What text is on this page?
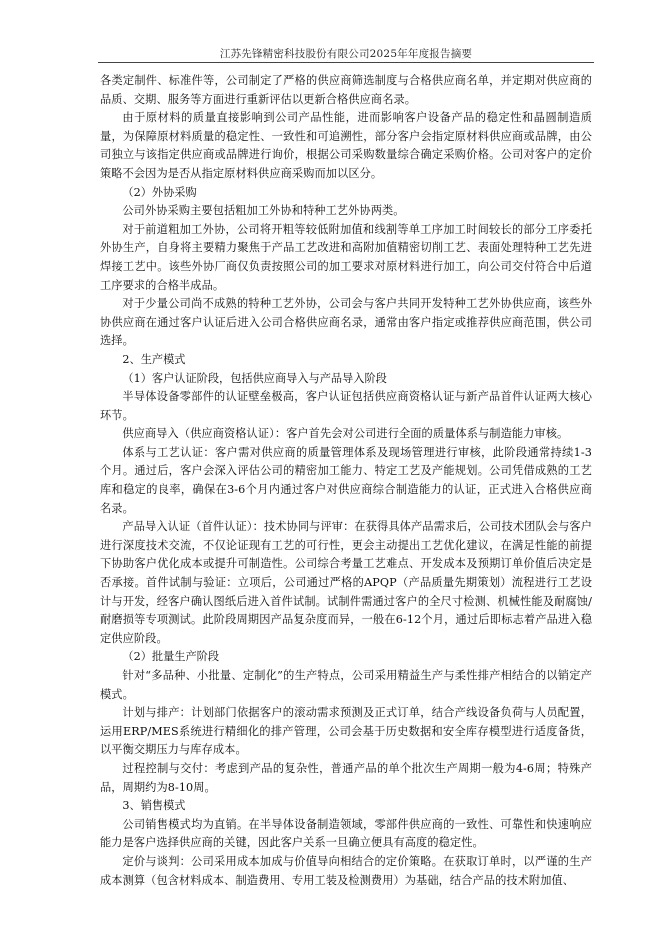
江苏先锋精密科技股份有限公司2025年年度报告摘要

各类定制件、标准件等，公司制定了严格的供应商筛选制度与合格供应商名单，并定期对供应商的品质、交期、服务等方面进行重新评估以更新合格供应商名录。

由于原材料的质量直接影响到公司产品性能，进而影响客户设备产品的稳定性和晶圆制造质量，为保障原材料质量的稳定性、一致性和可追溯性，部分客户会指定原材料供应商或品牌，由公司独立与该指定供应商或品牌进行询价，根据公司采购数量综合确定采购价格。公司对客户的定价策略不会因为是否从指定原材料供应商采购而加以区分。

（2）外协采购

公司外协采购主要包括粗加工外协和特种工艺外协两类。

对于前道粗加工外协，公司将开粗等较低附加值和线割等单工序加工时间较长的部分工序委托外协生产，自身将主要精力聚焦于产品工艺改进和高附加值精密切削工艺、表面处理特种工艺先进焊接工艺中。该些外协厂商仅负责按照公司的加工要求对原材料进行加工，向公司交付符合中后道工序要求的合格半成品。

对于少量公司尚不成熟的特种工艺外协，公司会与客户共同开发特种工艺外协供应商，该些外协供应商在通过客户认证后进入公司合格供应商名录，通常由客户指定或推荐供应商范围，供公司选择。

2、生产模式

（1）客户认证阶段，包括供应商导入与产品导入阶段

半导体设备零部件的认证壁垒极高，客户认证包括供应商资格认证与新产品首件认证两大核心环节。

供应商导入（供应商资格认证）：客户首先会对公司进行全面的质量体系与制造能力审核。

体系与工艺认证：客户需对供应商的质量管理体系及现场管理进行审核，此阶段通常持续1-3个月。通过后，客户会深入评估公司的精密加工能力、特定工艺及产能规划。公司凭借成熟的工艺库和稳定的良率，确保在3-6个月内通过客户对供应商综合制造能力的认证，正式进入合格供应商名录。

产品导入认证（首件认证）：技术协同与评审：在获得具体产品需求后，公司技术团队会与客户进行深度技术交流，不仅论证现有工艺的可行性，更会主动提出工艺优化建议，在满足性能的前提下协助客户优化成本或提升可制造性。公司综合考量工艺难点、开发成本及预期订单价值后决定是否承接。首件试制与验证：立项后，公司通过严格的APQP（产品质量先期策划）流程进行工艺设计与开发，经客户确认图纸后进入首件试制。试制件需通过客户的全尺寸检测、机械性能及耐腐蚀/耐磨损等专项测试。此阶段周期因产品复杂度而异，一般在6-12个月，通过后即标志着产品进入稳定供应阶段。

（2）批量生产阶段

针对“多品种、小批量、定制化”的生产特点，公司采用精益生产与柔性排产相结合的以销定产模式。

计划与排产：计划部门依据客户的滚动需求预测及正式订单，结合产线设备负荷与人员配置，运用ERP/MES系统进行精细化的排产管理，公司会基于历史数据和安全库存模型进行适度备货，以平衡交期压力与库存成本。

过程控制与交付：考虑到产品的复杂性，普通产品的单个批次生产周期一般为4-6周；特殊产品，周期约为8-10周。

3、销售模式

公司销售模式均为直销。在半导体设备制造领域，零部件供应商的一致性、可靠性和快速响应能力是客户选择供应商的关键，因此客户关系一旦确立便具有高度的稳定性。

定价与谈判：公司采用成本加成与价值导向相结合的定价策略。在获取订单时，以严谨的生产成本测算（包含材料成本、制造费用、专用工装及检测费用）为基础，结合产品的技术附加值、
